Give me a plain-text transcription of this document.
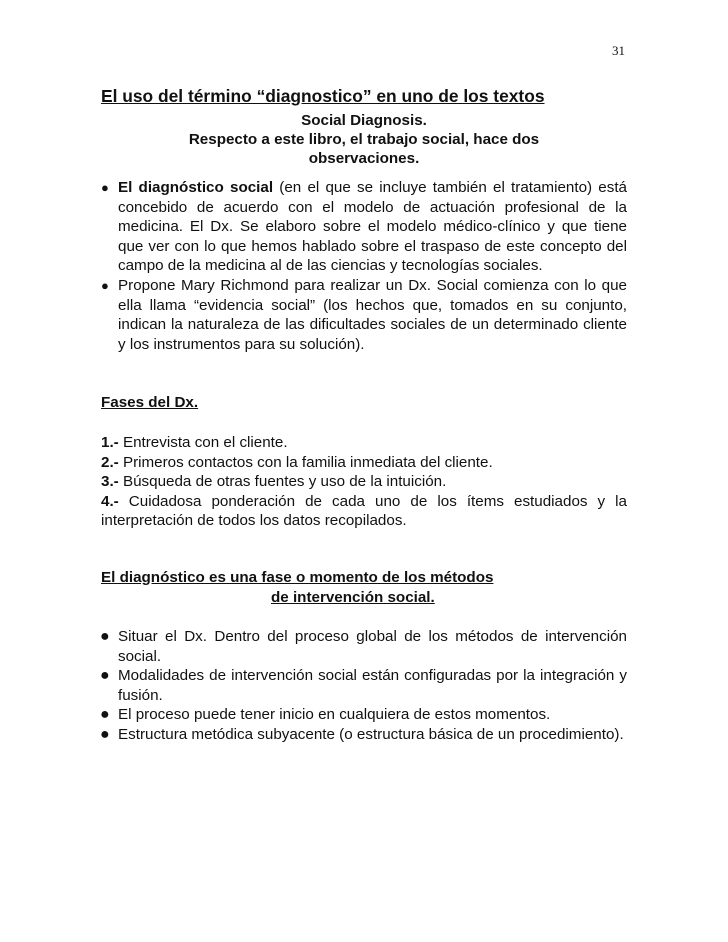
31
El uso del término “diagnostico” en uno de los textos
Social Diagnosis.
Respecto a este libro, el trabajo social, hace dos
observaciones.
● El diagnóstico social (en el que se incluye también el tratamiento) está concebido de acuerdo con el modelo de actuación profesional de la medicina. El Dx. Se elaboro sobre el modelo médico-clínico y que tiene que ver con lo que hemos hablado sobre el traspaso de este concepto del campo de la medicina al de las ciencias y tecnologías sociales.
● Propone Mary Richmond para realizar un Dx. Social comienza con lo que ella llama “evidencia social” (los hechos que, tomados en su conjunto, indican la naturaleza de las dificultades sociales de un determinado cliente y los instrumentos para su solución).
Fases del Dx.

1.- Entrevista con el cliente.

2.- Primeros contactos con la familia inmediata del cliente.

3.- Búsqueda de otras fuentes y uso de la intuición.

4.- Cuidadosa ponderación de cada uno de los ítems estudiados y la interpretación de todos los datos recopilados.

El diagnóstico es una fase o momento de los métodos
de intervención social.
● Situar el Dx. Dentro del proceso global de los métodos de intervención social.
● Modalidades de intervención social están configuradas por la integración y fusión.
● El proceso puede tener inicio en cualquiera de estos momentos.
● Estructura metódica subyacente (o estructura básica de un procedimiento).
